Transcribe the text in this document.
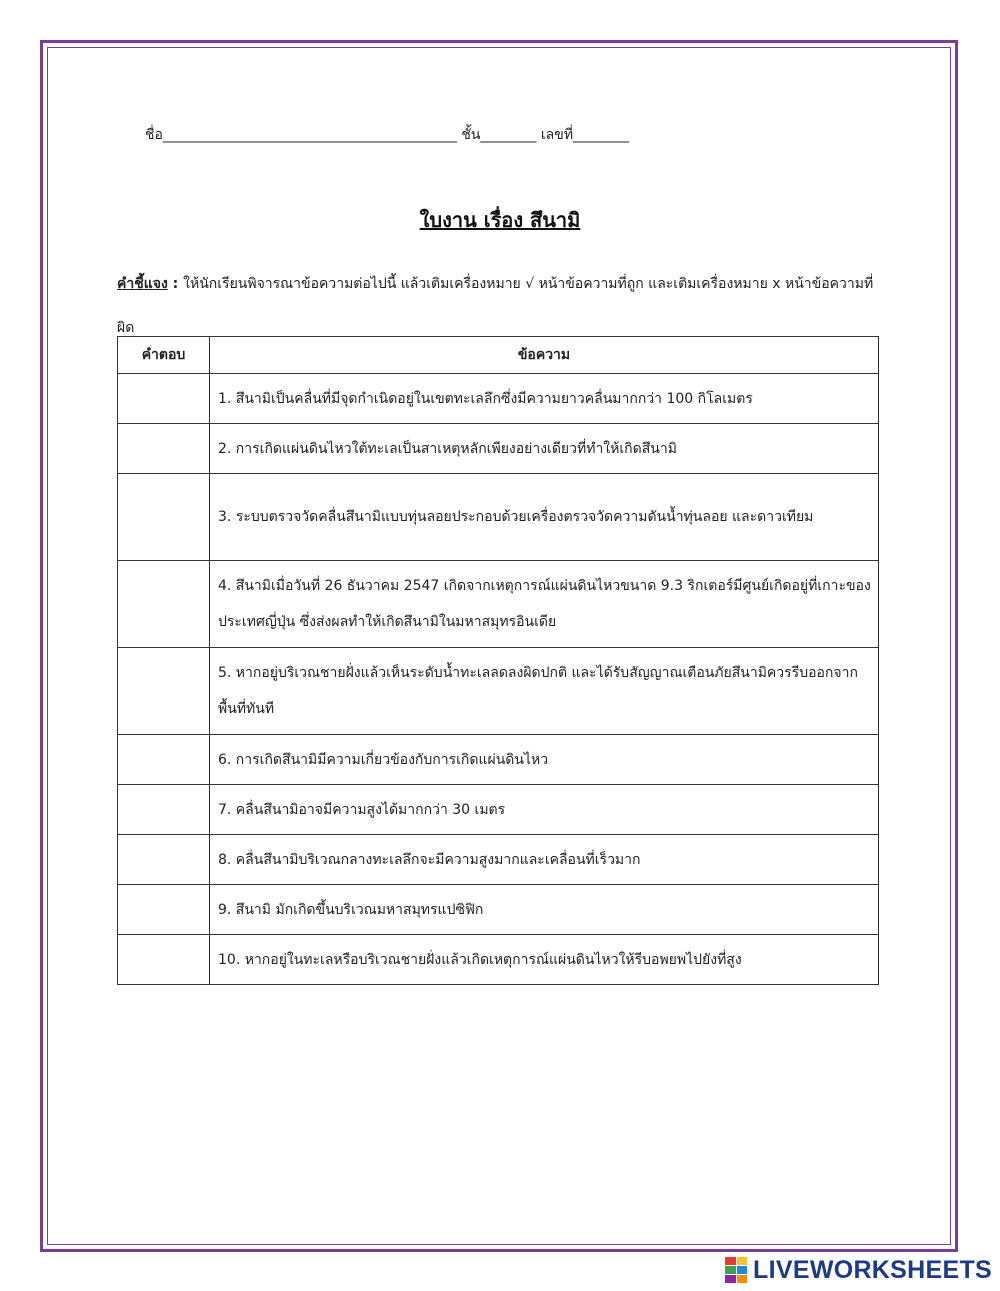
ชื่อ__________________________________________ ชั้น________ เลขที่________
ใบงาน เรื่อง สึนามิ
คำชี้แจง : ให้นักเรียนพิจารณาข้อความต่อไปนี้ แล้วเติมเครื่องหมาย √ หน้าข้อความที่ถูก และเติมเครื่องหมาย x หน้าข้อความที่ผิด
คำตอบ	ข้อความ
	1. สึนามิเป็นคลื่นที่มีจุดกำเนิดอยู่ในเขตทะเลลึกซึ่งมีความยาวคลื่นมากกว่า 100 กิโลเมตร
	2. การเกิดแผ่นดินไหวใต้ทะเลเป็นสาเหตุหลักเพียงอย่างเดียวที่ทำให้เกิดสึนามิ
	3. ระบบตรวจวัดคลื่นสึนามิแบบทุ่นลอยประกอบด้วยเครื่องตรวจวัดความดันน้ำทุ่นลอย และดาวเทียม
	4. สึนามิเมื่อวันที่ 26 ธันวาคม 2547 เกิดจากเหตุการณ์แผ่นดินไหวขนาด 9.3 ริกเตอร์มีศูนย์เกิดอยู่ที่เกาะของประเทศญี่ปุ่น ซึ่งส่งผลทำให้เกิดสึนามิในมหาสมุทรอินเดีย
	5. หากอยู่บริเวณชายฝั่งแล้วเห็นระดับน้ำทะเลลดลงผิดปกติ และได้รับสัญญาณเตือนภัยสึนามิควรรีบออกจากพื้นที่ทันที
	6. การเกิดสึนามิมีความเกี่ยวข้องกับการเกิดแผ่นดินไหว
	7. คลื่นสึนามิอาจมีความสูงได้มากกว่า 30 เมตร
	8. คลื่นสึนามิบริเวณกลางทะเลลึกจะมีความสูงมากและเคลื่อนที่เร็วมาก
	9. สึนามิ มักเกิดขึ้นบริเวณมหาสมุทรแปซิฟิก
	10. หากอยู่ในทะเลหรือบริเวณชายฝั่งแล้วเกิดเหตุการณ์แผ่นดินไหวให้รีบอพยพไปยังที่สูง
LIVEWORKSHEETS
